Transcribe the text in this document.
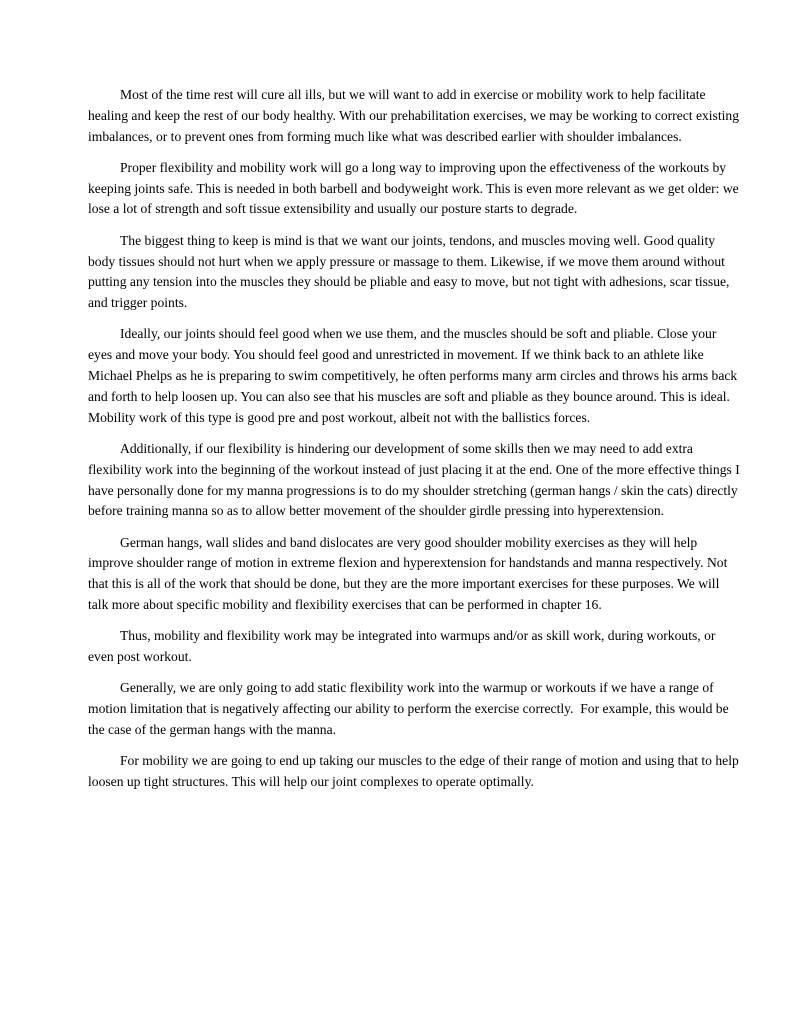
Most of the time rest will cure all ills, but we will want to add in exercise or mobility work to help facilitate healing and keep the rest of our body healthy. With our prehabilitation exercises, we may be working to correct existing imbalances, or to prevent ones from forming much like what was described earlier with shoulder imbalances.

Proper flexibility and mobility work will go a long way to improving upon the effectiveness of the workouts by keeping joints safe. This is needed in both barbell and bodyweight work. This is even more relevant as we get older: we lose a lot of strength and soft tissue extensibility and usually our posture starts to degrade.

The biggest thing to keep is mind is that we want our joints, tendons, and muscles moving well. Good quality body tissues should not hurt when we apply pressure or massage to them. Likewise, if we move them around without putting any tension into the muscles they should be pliable and easy to move, but not tight with adhesions, scar tissue, and trigger points.

Ideally, our joints should feel good when we use them, and the muscles should be soft and pliable. Close your eyes and move your body. You should feel good and unrestricted in movement. If we think back to an athlete like Michael Phelps as he is preparing to swim competitively, he often performs many arm circles and throws his arms back and forth to help loosen up. You can also see that his muscles are soft and pliable as they bounce around. This is ideal. Mobility work of this type is good pre and post workout, albeit not with the ballistics forces.

Additionally, if our flexibility is hindering our development of some skills then we may need to add extra flexibility work into the beginning of the workout instead of just placing it at the end. One of the more effective things I have personally done for my manna progressions is to do my shoulder stretching (german hangs / skin the cats) directly before training manna so as to allow better movement of the shoulder girdle pressing into hyperextension.

German hangs, wall slides and band dislocates are very good shoulder mobility exercises as they will help improve shoulder range of motion in extreme flexion and hyperextension for handstands and manna respectively. Not that this is all of the work that should be done, but they are the more important exercises for these purposes. We will talk more about specific mobility and flexibility exercises that can be performed in chapter 16.

Thus, mobility and flexibility work may be integrated into warmups and/or as skill work, during workouts, or even post workout.

Generally, we are only going to add static flexibility work into the warmup or workouts if we have a range of motion limitation that is negatively affecting our ability to perform the exercise correctly.  For example, this would be the case of the german hangs with the manna.

For mobility we are going to end up taking our muscles to the edge of their range of motion and using that to help loosen up tight structures. This will help our joint complexes to operate optimally.
